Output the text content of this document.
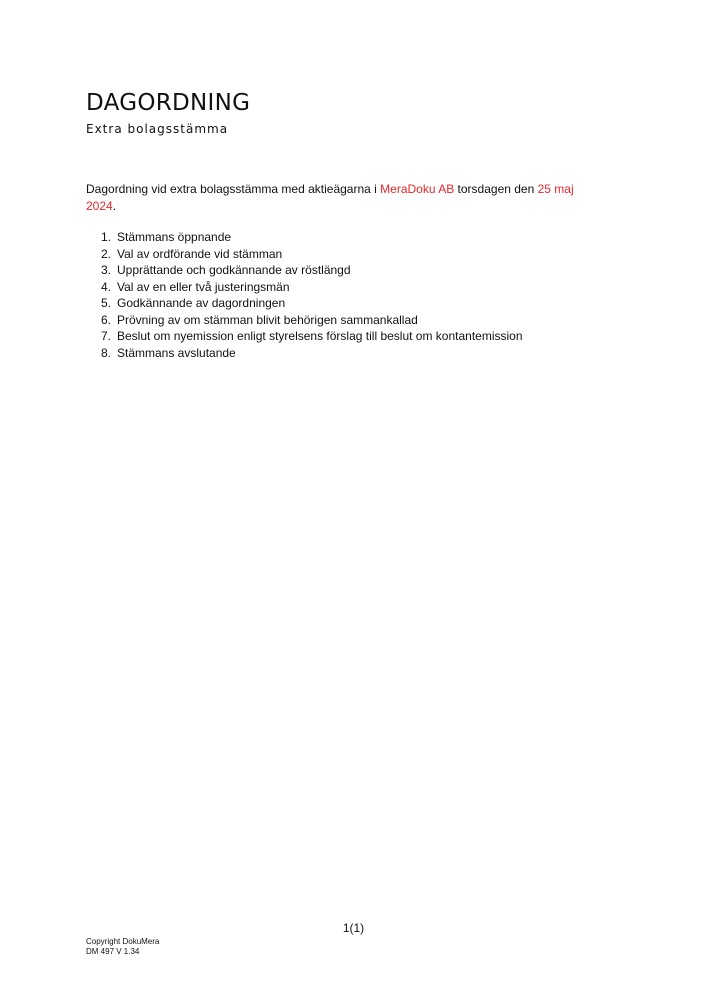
DAGORDNING
Extra bolagsstämma

Dagordning vid extra bolagsstämma med aktieägarna i MeraDoku AB torsdagen den 25 maj
2024.

1. Stämmans öppnande
2. Val av ordförande vid stämman
3. Upprättande och godkännande av röstlängd
4. Val av en eller två justeringsmän
5. Godkännande av dagordningen
6. Prövning av om stämman blivit behörigen sammankallad
7. Beslut om nyemission enligt styrelsens förslag till beslut om kontantemission
8. Stämmans avslutande
1(1)
Copyright DokuMera
DM 497 V 1.34
